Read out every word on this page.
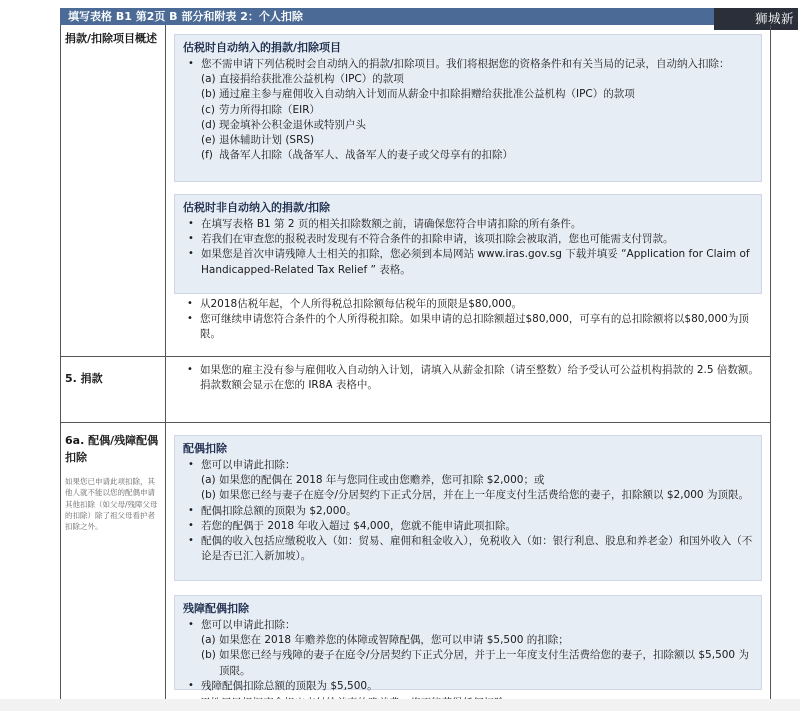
填写表格 B1 第2页 B 部分和附表 2：个人扣除	狮城新
捐款/扣除项目概述
估税时自动纳入的捐款/扣除项目
• 您不需申请下列估税时会自动纳入的捐款/扣除项目。我们将根据您的资格条件和有关当局的记录，自动纳入扣除：
(a) 直接捐给获批准公益机构（IPC）的款项
(b) 通过雇主参与雇佣收入自动纳入计划而从薪金中扣除捐赠给获批准公益机构（IPC）的款项
(c) 劳力所得扣除（EIR）
(d) 现金填补公积金退休或特别户头
(e) 退休辅助计划 (SRS)
(f) 战备军人扣除（战备军人、战备军人的妻子或父母享有的扣除）
估税时非自动纳入的捐款/扣除
• 在填写表格 B1 第 2 页的相关扣除数额之前，请确保您符合申请扣除的所有条件。
• 若我们在审查您的报税表时发现有不符合条件的扣除申请，该项扣除会被取消，您也可能需支付罚款。
• 如果您是首次申请残障人士相关的扣除，您必须到本局网站 www.iras.gov.sg 下载并填妥 “Application for Claim of Handicapped-Related Tax Relief ” 表格。
• 从2018估税年起，个人所得税总扣除额每估税年的顶限是$80,000。
• 您可继续申请您符合条件的个人所得税扣除。如果申请的总扣除额超过$80,000，可享有的总扣除额将以$80,000为顶限。
5. 捐款
• 如果您的雇主没有参与雇佣收入自动纳入计划，请填入从薪金扣除（请至整数）给予受认可公益机构捐款的 2.5 倍数额。捐款数额会显示在您的 IR8A 表格中。
6a. 配偶/残障配偶扣除
如果您已申请此项扣除，其他人就不能以您的配偶申请其他扣除（如父母/残障父母的扣除）除了祖父母看护者扣除之外。
配偶扣除
• 您可以申请此扣除：
(a) 如果您的配偶在 2018 年与您同住或由您赡养，您可扣除 $2,000；或
(b) 如果您已经与妻子在庭令/分居契约下正式分居，并在上一年度支付生活费给您的妻子，扣除额以 $2,000 为顶限。
• 配偶扣除总额的顶限为 $2,000。
• 若您的配偶于 2018 年收入超过 $4,000，您就不能申请此项扣除。
• 配偶的收入包括应缴税收入（如：贸易、雇佣和租金收入），免税收入（如：银行利息、股息和养老金）和国外收入（不论是否已汇入新加坡）。
残障配偶扣除
• 您可以申请此扣除：
(a) 如果您在 2018 年赡养您的体障或智障配偶，您可以申请 $5,500 的扣除；
(b) 如果您已经与残障的妻子在庭令/分居契约下正式分居，并于上一年度支付生活费给您的妻子，扣除额以 $5,500 为顶限。
• 残障配偶扣除总额的顶限为 $5,500。
•
